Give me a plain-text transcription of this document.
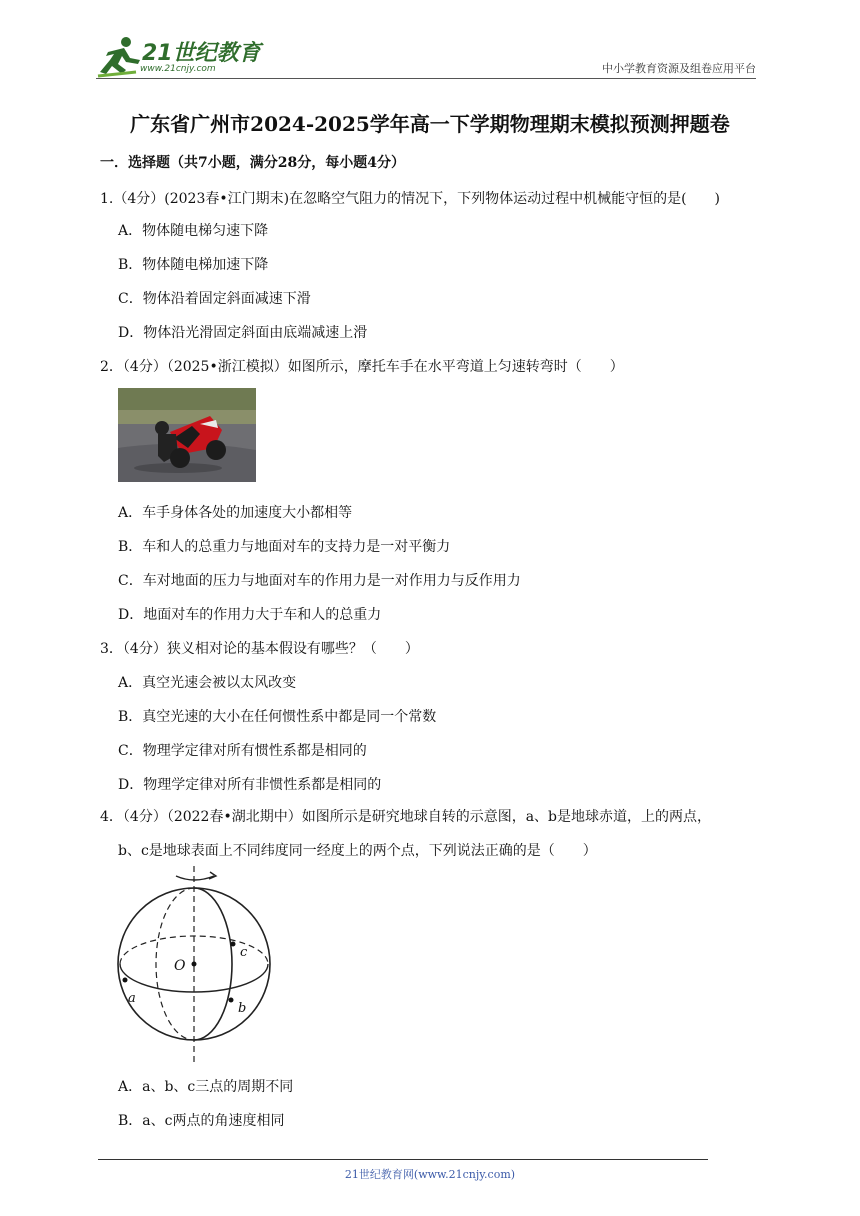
21世纪教育
www.21cnjy.com	中小学教育资源及组卷应用平台
广东省广州市2024-2025学年高一下学期物理期末模拟预测押题卷
一．选择题（共7小题，满分28分，每小题4分）
1.（4分）(2023春•江门期末)在忽略空气阻力的情况下，下列物体运动过程中机械能守恒的是(　　)
A．物体随电梯匀速下降
B．物体随电梯加速下降
C．物体沿着固定斜面减速下滑
D．物体沿光滑固定斜面由底端减速上滑
2．（4分）（2025•浙江模拟）如图所示，摩托车手在水平弯道上匀速转弯时（　　）
A．车手身体各处的加速度大小都相等
B．车和人的总重力与地面对车的支持力是一对平衡力
C．车对地面的压力与地面对车的作用力是一对作用力与反作用力
D．地面对车的作用力大于车和人的总重力
3．（4分）狭义相对论的基本假设有哪些？（　　）
A．真空光速会被以太风改变
B．真空光速的大小在任何惯性系中都是同一个常数
C．物理学定律对所有惯性系都是相同的
D．物理学定律对所有非惯性系都是相同的
4．（4分）（2022春•湖北期中）如图所示是研究地球自转的示意图，a、b是地球赤道，上的两点，
b、c是地球表面上不同纬度同一经度上的两个点，下列说法正确的是（　　）
O
c
b
a
A．a、b、c三点的周期不同
B．a、c两点的角速度相同
21世纪教育网(www.21cnjy.com)
